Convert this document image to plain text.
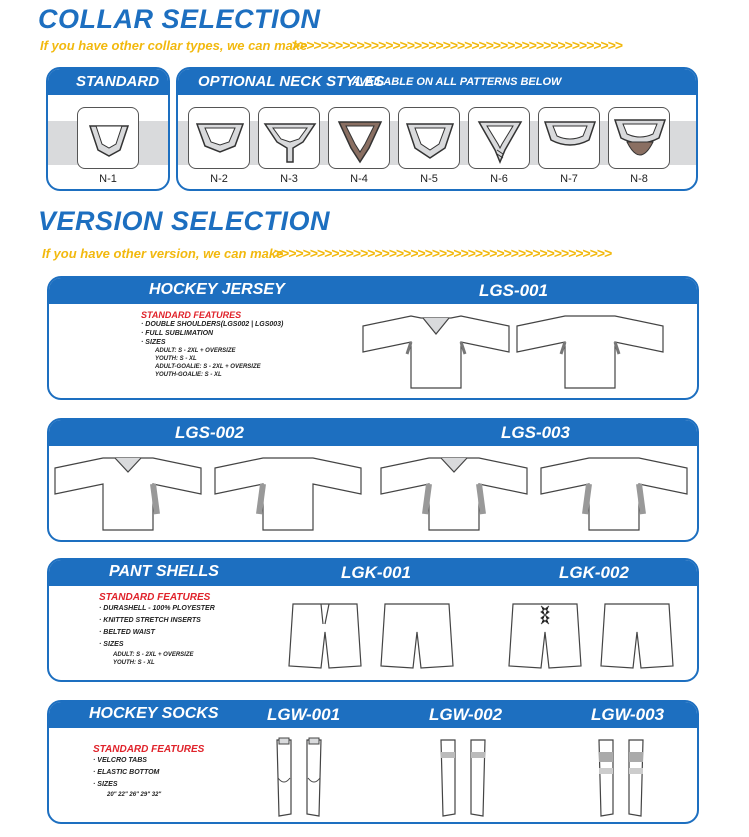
COLLAR SELECTION
If you have other collar types, we can make
>>>>>>>>>>>>>>>>>>>>>>>>>>>>>>>>>>>>>>>>>>>>>>
STANDARD
N-1
OPTIONAL NECK STYLES
AVAILABLE ON ALL PATTERNS BELOW
N-2	N-3	N-4	N-5	N-6	N-7	N-8
VERSION SELECTION
If you have other version, we can make
>>>>>>>>>>>>>>>>>>>>>>>>>>>>>>>>>>>>>>>>>>>>>>>
HOCKEY JERSEY	LGS-001
STANDARD FEATURES
· DOUBLE SHOULDERS(LGS002 | LGS003)
· FULL SUBLIMATION
· SIZES
ADULT: S - 2XL + OVERSIZE
YOUTH: S - XL
ADULT-GOALIE: S - 2XL + OVERSIZE
YOUTH-GOALIE: S - XL
LGS-002	LGS-003
PANT SHELLS	LGK-001	LGK-002
STANDARD FEATURES
· DURASHELL - 100% PLOYESTER
· KNITTED STRETCH INSERTS
· BELTED WAIST
· SIZES
ADULT: S - 2XL + OVERSIZE
YOUTH: S - XL
HOCKEY SOCKS	LGW-001	LGW-002	LGW-003
STANDARD FEATURES
· VELCRO TABS
· ELASTIC BOTTOM
· SIZES
20" 22" 26" 29" 32"
